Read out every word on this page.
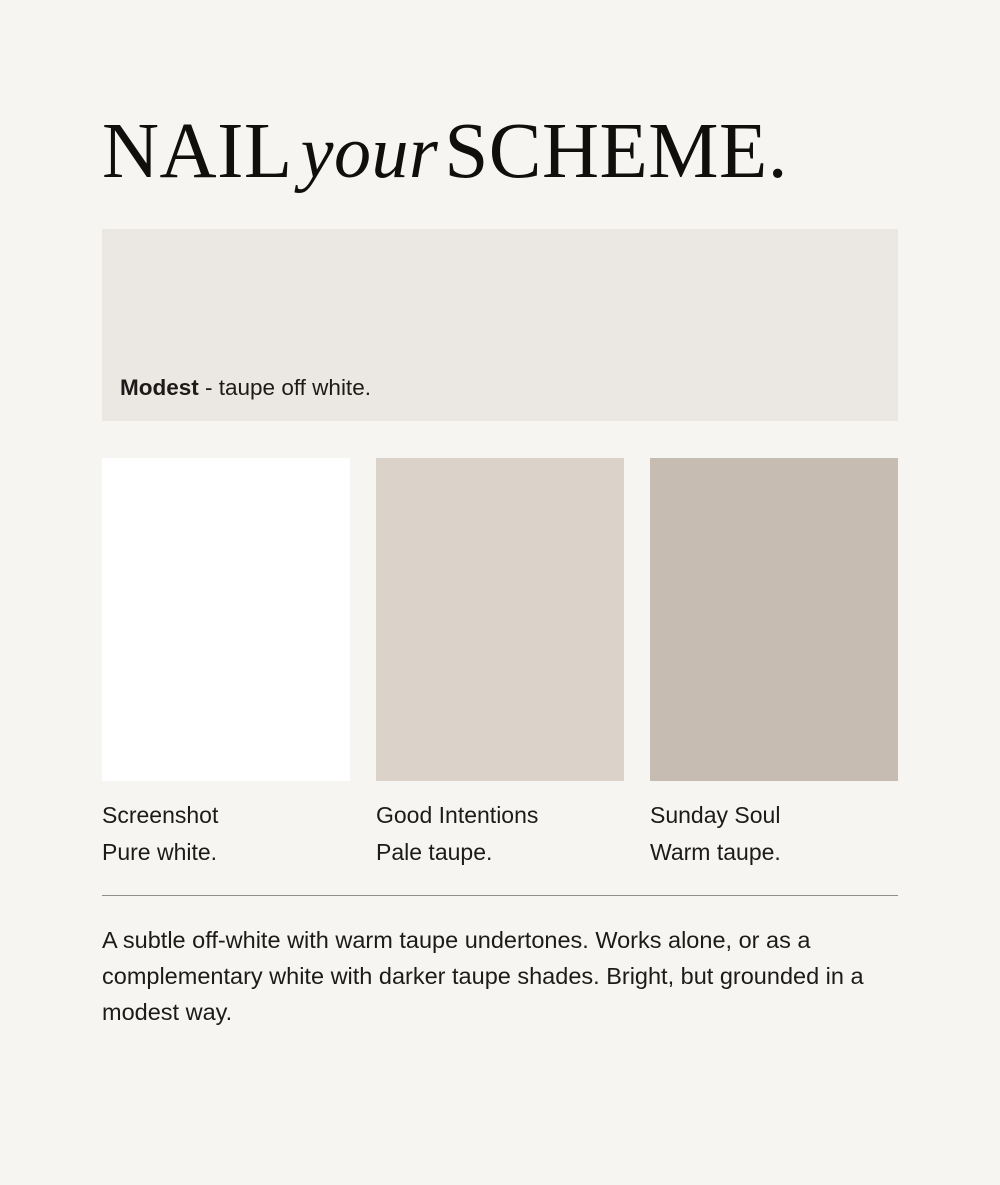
NAIL yourSCHEME.
Modest - taupe off white.
Screenshot
Pure white.
Good Intentions
Pale taupe.
Sunday Soul
Warm taupe.

A subtle off-white with warm taupe undertones. Works alone, or as a complementary white with darker taupe shades. Bright, but grounded in a modest way.
